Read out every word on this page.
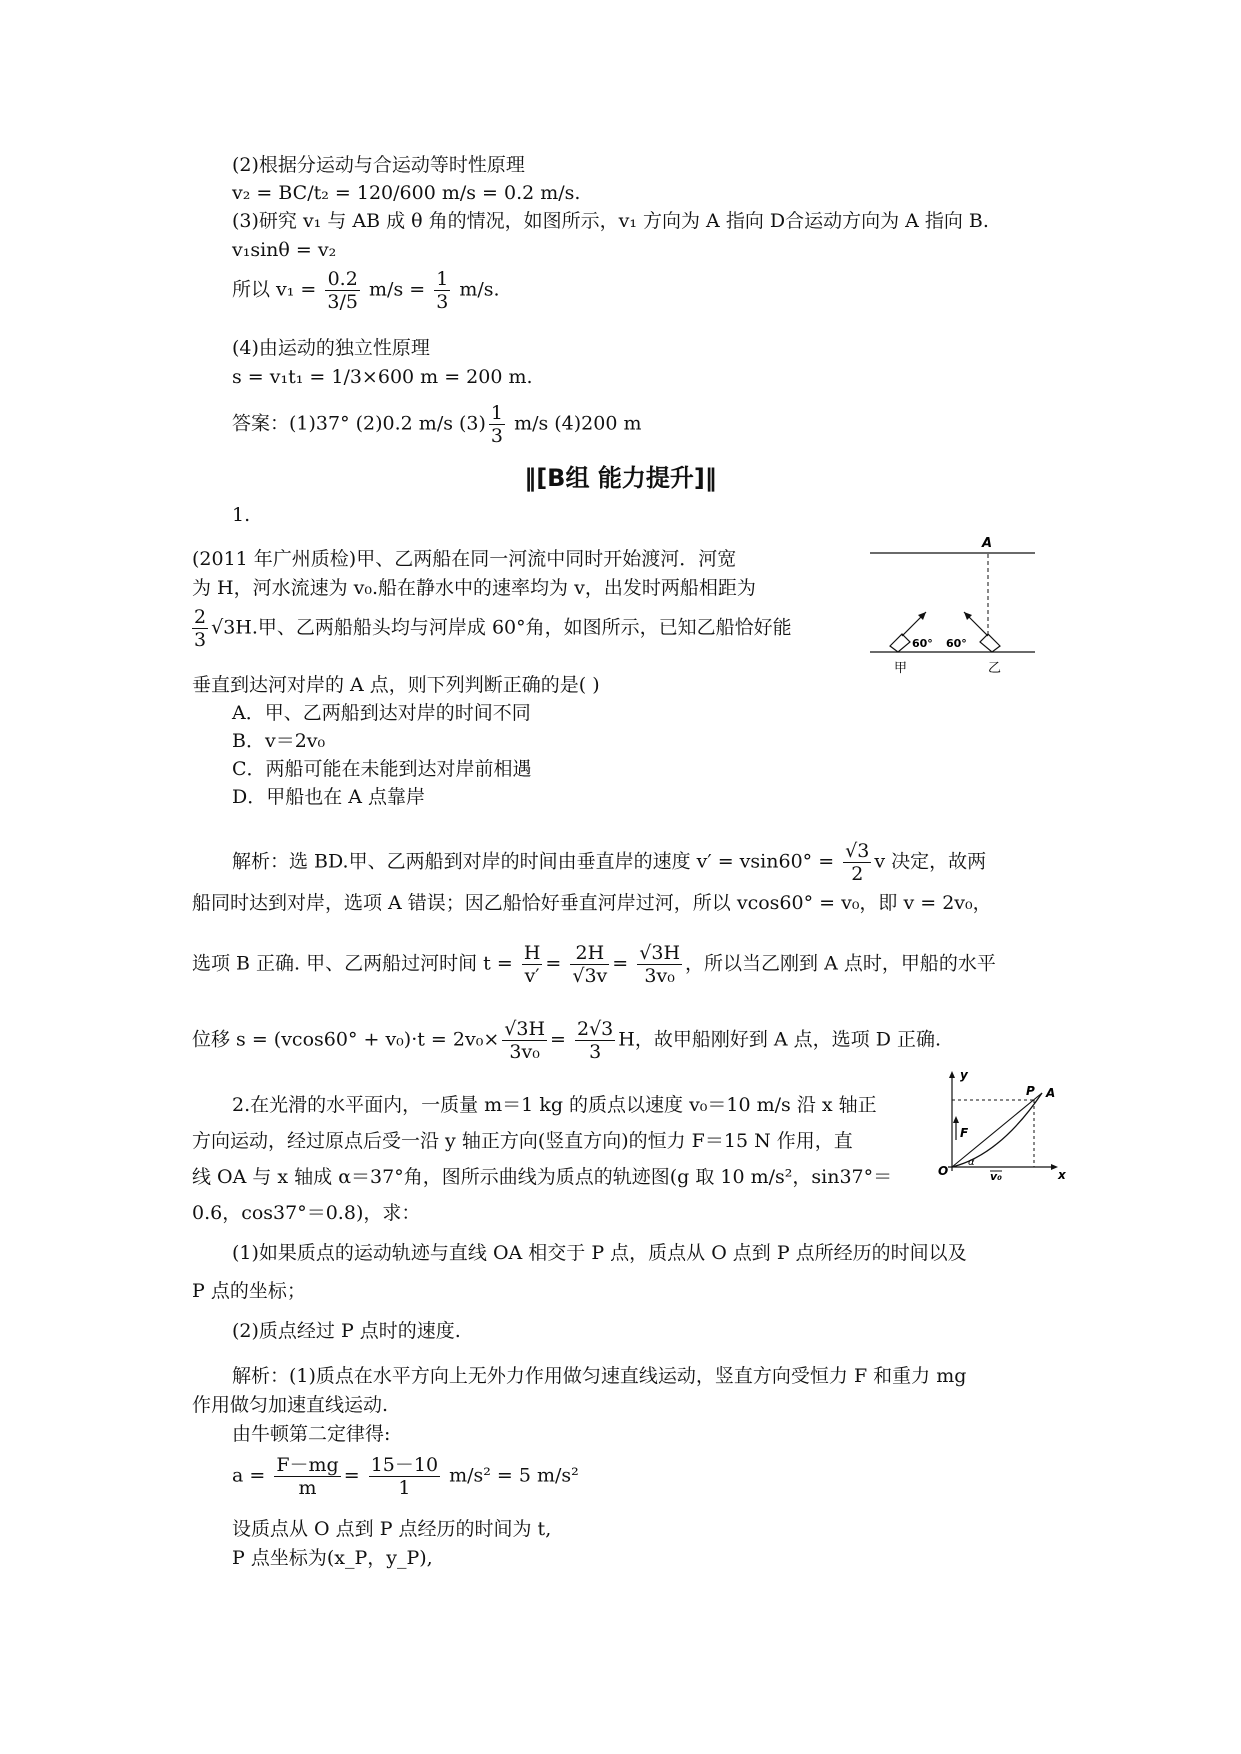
(2)根据分运动与合运动等时性原理
v₂ = BC/t₂ = 120/600 m/s = 0.2 m/s.
(3)研究 v₁ 与 AB 成 θ 角的情况，如图所示，v₁ 方向为 A 指向 D合运动方向为 A 指向 B.
v₁sinθ = v₂
所以 $v_1 = \frac{0.2}{3/5} m/s = \frac{1}{3} m/s$.
(4)由运动的独立性原理
s = v₁t₁ = 1/3×600 m = 200 m.
答案：(1)37° (2)0.2 m/s $(3) \frac{1}{3} m/s$ (4)200 m
‖[B组 能力提升]‖
1.
(2011 年广州质检)甲、乙两船在同一河流中同时开始渡河．河宽
为 H，河水流速为 v₀.船在静水中的速率均为 v，出发时两船相距为
$\frac{2}{3} √3H$.甲、乙两船船头均与河岸成 60°角，如图所示，已知乙船恰好能
垂直到达河对岸的 A 点，则下列判断正确的是( )
A．甲、乙两船到达对岸的时间不同
B．v＝2v₀
C．两船可能在未能到达对岸前相遇
D．甲船也在 A 点靠岸
A
60° 60°
甲	乙
解析：选 BD.甲、乙两船到对岸的时间由垂直岸的速度 $v' = vsin60^\circ = \frac{√3}{2}$ v 决定，故两
船同时达到对岸，选项 A 错误；因乙船恰好垂直河岸过河，所以 vcos60° = v₀，即 v = 2v₀，
选项 B 正确. 甲、乙两船过河时间 $t = \frac{H}{v'} = \frac{2H}{√3v} = \frac{√3H}{\text{3v₀}}$ ，所以当乙刚到 A 点时，甲船的水平
位移 $s = (vcos60^\circ + v_0)\cdot t = 2v_0\times \frac{√3H}{\text{3v₀}} = \frac{2√3}{3}$ H，故甲船刚好到 A 点，选项 D 正确.
2.在光滑的水平面内，一质量 m＝1 kg 的质点以速度 v₀＝10 m/s 沿 x 轴正
方向运动，经过原点后受一沿 y 轴正方向(竖直方向)的恒力 F＝15 N 作用，直
线 OA 与 x 轴成 α＝37°角，图所示曲线为质点的轨迹图(g 取 10 m/s²，sin37°＝
0.6，cos37°＝0.8)，求：
(1)如果质点的运动轨迹与直线 OA 相交于 P 点，质点从 O 点到 P 点所经历的时间以及
P 点的坐标；
(2)质点经过 P 点时的速度.
y
x
O
F
P A
α
v₀
解析：(1)质点在水平方向上无外力作用做匀速直线运动，竖直方向受恒力 F 和重力 mg
作用做匀加速直线运动.
由牛顿第二定律得:
$a = \frac{F-mg}{m} = \frac{15-10}{1} m/s^2 = 5$ m/s²
设质点从 O 点到 P 点经历的时间为 t,
P 点坐标为(x_P，y_P),
